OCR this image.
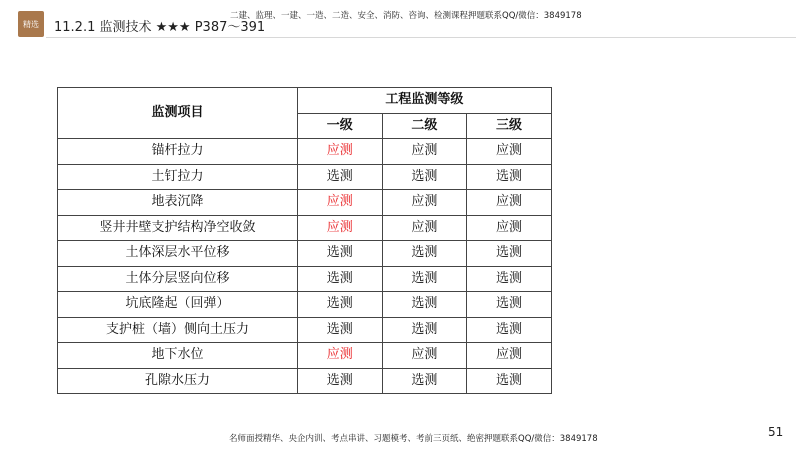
精选 11.2.1 监测技术 ★★★ P387～391
二建、监理、一建、一造、二造、安全、消防、咨询、检测课程押题联系QQ/微信：3849178
监测项目	工程监测等级		
	一级	二级	三级
锚杆拉力	应测	应测	应测
土钉拉力	选测	选测	选测
地表沉降	应测	应测	应测
竖井井壁支护结构净空收敛	应测	应测	应测
土体深层水平位移	选测	选测	选测
土体分层竖向位移	选测	选测	选测
坑底隆起（回弹）	选测	选测	选测
支护桩（墙）侧向土压力	选测	选测	选测
地下水位	应测	应测	应测
孔隙水压力	选测	选测	选测
51
名师面授精华、央企内训、考点串讲、习题模考、考前三页纸、绝密押题联系QQ/微信：3849178
